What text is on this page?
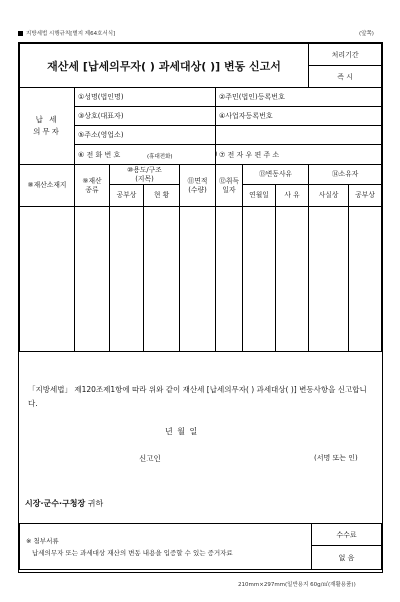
지방세법 시행규칙[별지 제64호서식]	(앞쪽)
재산세 [납세의무자( ) 과세대상( )] 변동 신고서								처리기간	
								즉 시	
납 세
의무자	①성명(법인명)				②주민(법인)등록번호				
	③상호(대표자)				④사업자등록번호				
	⑤주소(영업소)								
	⑥ 전 화 번 호 (휴대전화) )				⑦ 전 자 우 편 주 소				
⑧재산소재지	⑨재산
종류	⑩용도/구조
(지목)		⑪면적
(수량)	⑫취득
일자	⑬변동사유		⑭소유자	
		공부상	현 황			연월일	사 유	사실상	공부상

「지방세법」 제120조제1항에 따라 위와 같이 재산세 [납세의무자( ) 과세대상( )] 변동사항을 신고합니다.
년 월 일
신고인	(서명 또는 인)
시장·군수·구청장 귀하
※ 첨부서류
납세의무자 또는 과세대상 재산의 변동 내용을 입증할 수 있는 증거자료
	수수료
없 음
210mm×297mm(일반용지 60g/㎡(재활용품))
